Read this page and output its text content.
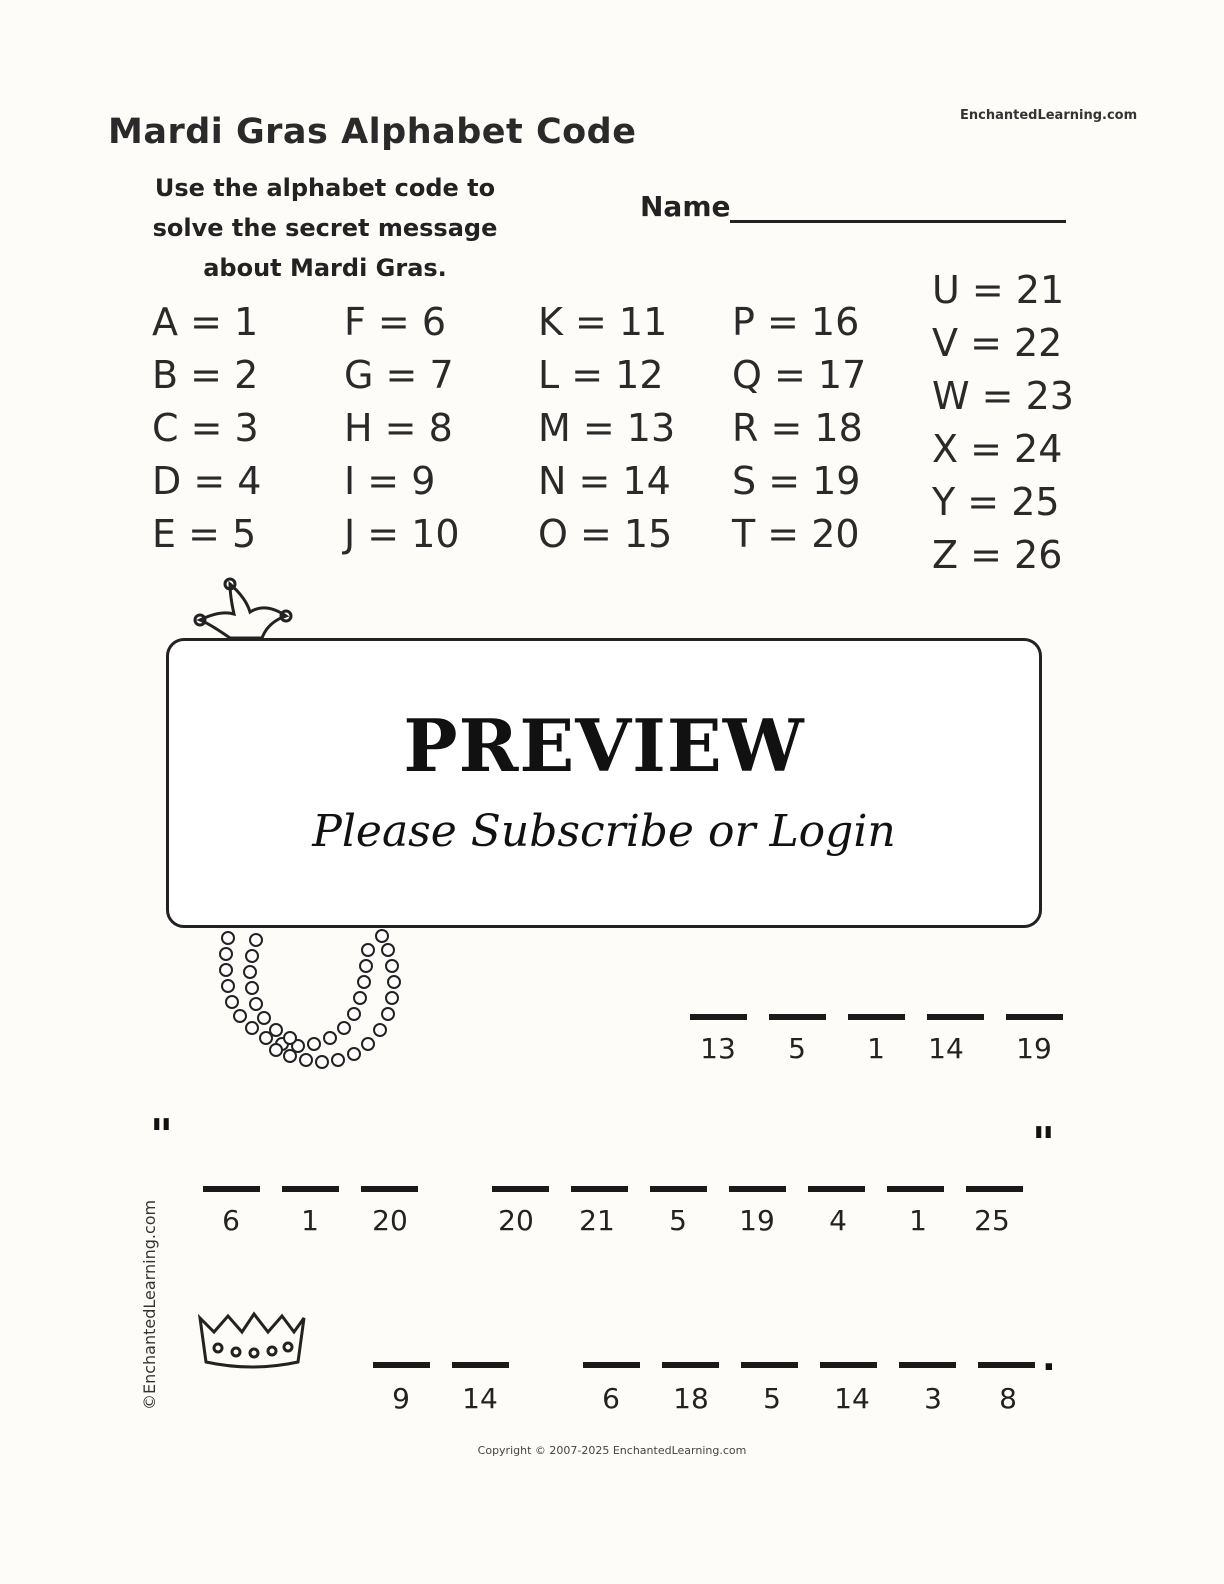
Mardi Gras Alphabet Code	EnchantedLearning.com
Use the alphabet code to
solve the secret message
about Mardi Gras.
Name
A = 1
B = 2
C = 3
D = 4
E = 5
F = 6
G = 7
H = 8
I = 9
J = 10
K = 11
L = 12
M = 13
N = 14
O = 15
P = 16
Q = 17
R = 18
S = 19
T = 20
U = 21
V = 22
W = 23
X = 24
Y = 25
Z = 26
PREVIEW
Please Subscribe or Login
13	5	1	14	19
"	"
6	1	20	20	21	5	19	4	1	25
.
9	14	6	18	5	14	3	8
©EnchantedLearning.com
Copyright © 2007-2025 EnchantedLearning.com
